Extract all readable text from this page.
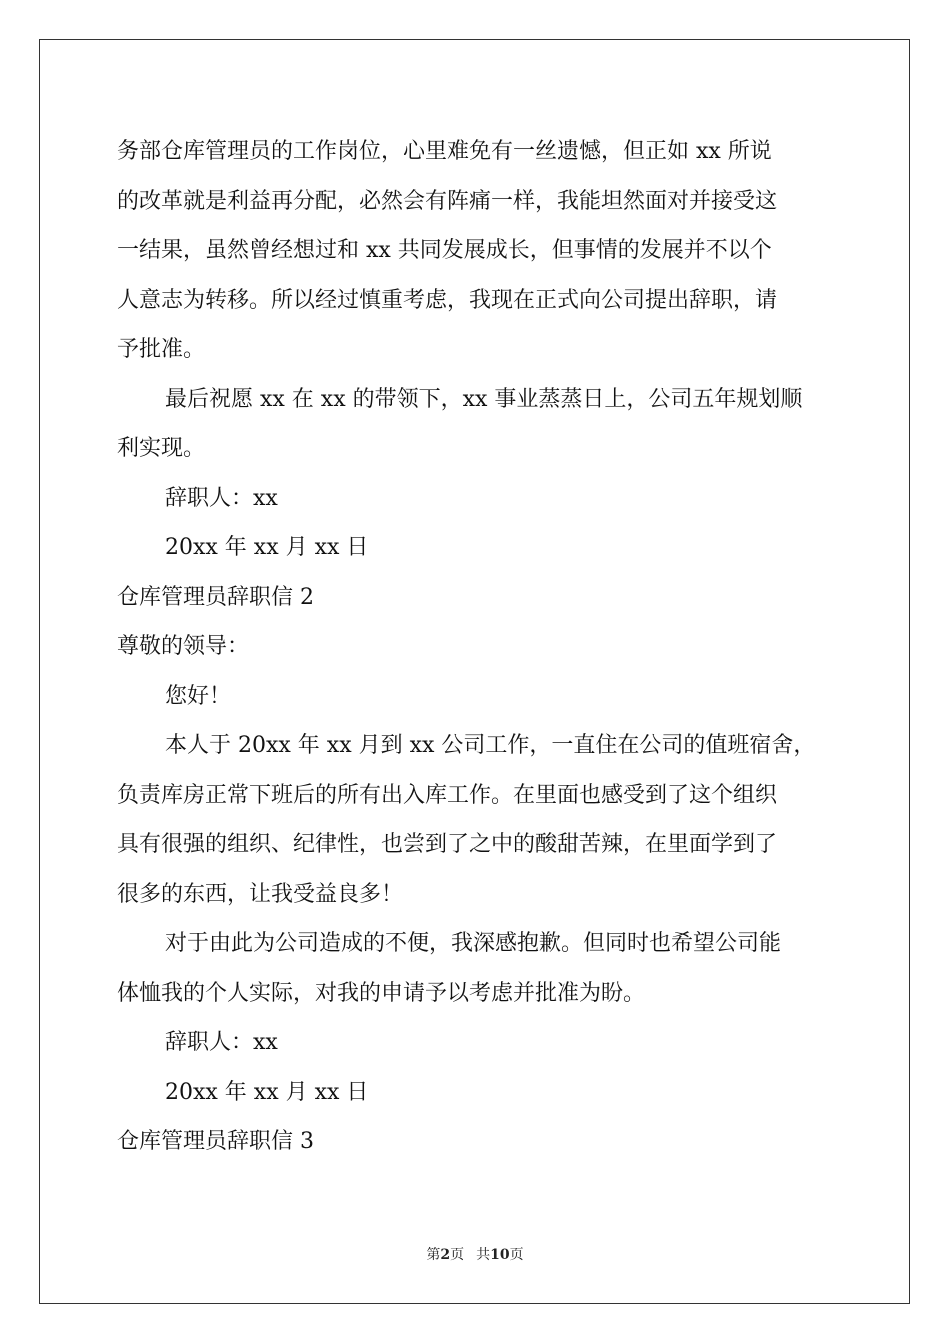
务部仓库管理员的工作岗位，心里难免有一丝遗憾，但正如 xx 所说
的改革就是利益再分配，必然会有阵痛一样，我能坦然面对并接受这
一结果，虽然曾经想过和 xx 共同发展成长，但事情的发展并不以个
人意志为转移。所以经过慎重考虑，我现在正式向公司提出辞职，请
予批准。
最后祝愿 xx 在 xx 的带领下，xx 事业蒸蒸日上，公司五年规划顺
利实现。
辞职人：xx
20xx 年 xx 月 xx 日
仓库管理员辞职信 2
尊敬的领导：
您好！
本人于 20xx 年 xx 月到 xx 公司工作，一直住在公司的值班宿舍，
负责库房正常下班后的所有出入库工作。在里面也感受到了这个组织
具有很强的组织、纪律性，也尝到了之中的酸甜苦辣，在里面学到了
很多的东西，让我受益良多！
对于由此为公司造成的不便，我深感抱歉。但同时也希望公司能
体恤我的个人实际，对我的申请予以考虑并批准为盼。
辞职人：xx
20xx 年 xx 月 xx 日
仓库管理员辞职信 3
第2页 共10页
